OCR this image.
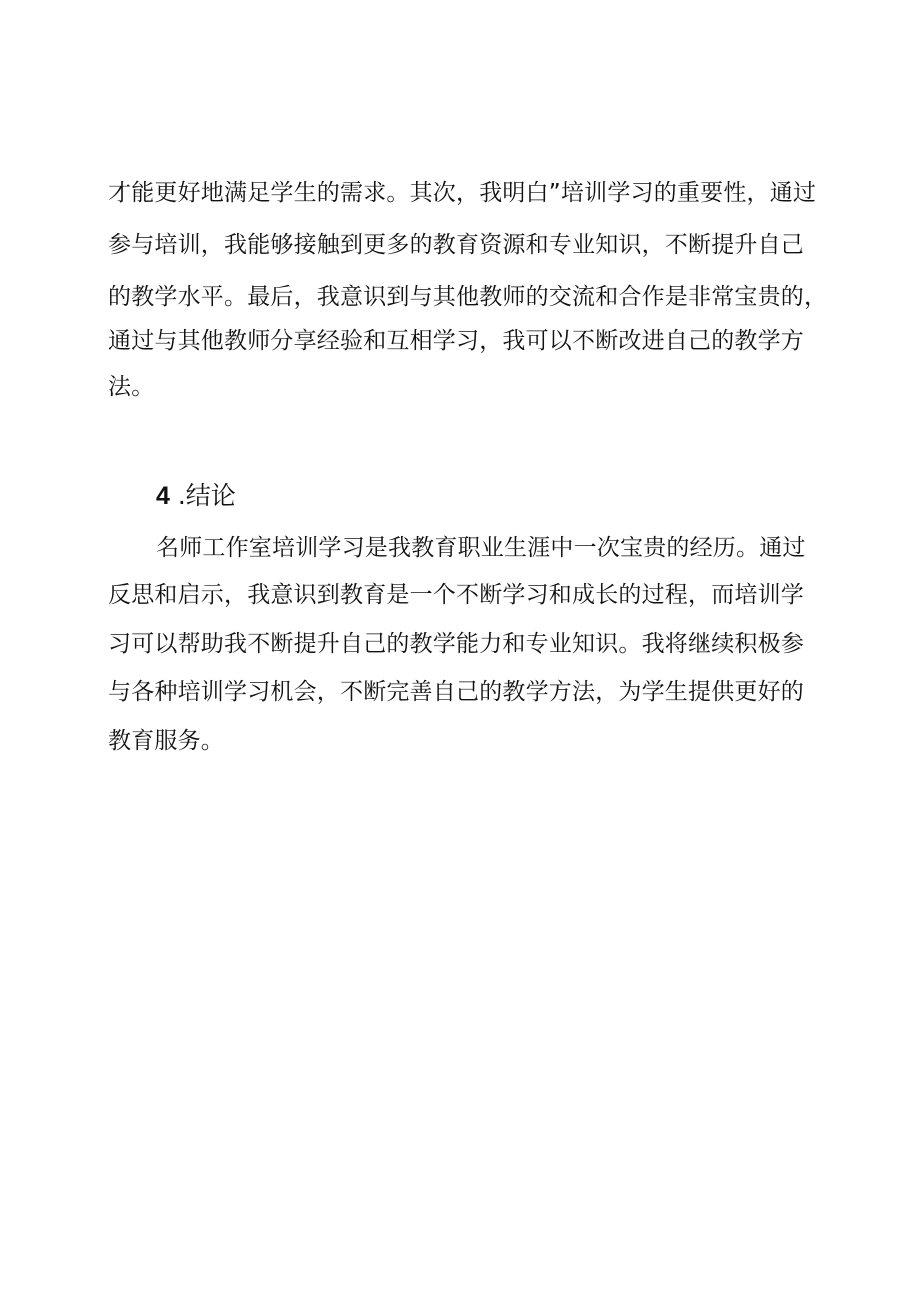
才能更好地满足学生的需求。其次，我明白”培训学习的重要性，通过
参与培训，我能够接触到更多的教育资源和专业知识，不断提升自己
的教学水平。最后，我意识到与其他教师的交流和合作是非常宝贵的，
通过与其他教师分享经验和互相学习，我可以不断改进自己的教学方
法。
4 .结论
名师工作室培训学习是我教育职业生涯中一次宝贵的经历。通过
反思和启示，我意识到教育是一个不断学习和成长的过程，而培训学
习可以帮助我不断提升自己的教学能力和专业知识。我将继续积极参
与各种培训学习机会，不断完善自己的教学方法，为学生提供更好的
教育服务。
